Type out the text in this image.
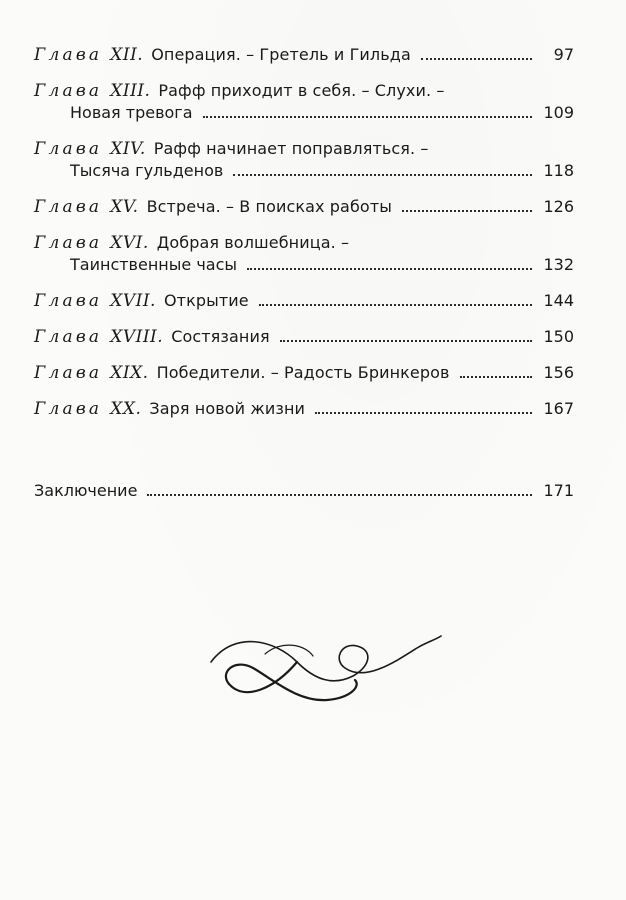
Глава XII. Операция. – Гретель и Гильда	97
Глава XIII. Рафф приходит в себя. – Слухи. –
Новая тревога	109
Глава XIV. Рафф начинает поправляться. –
Тысяча гульденов	118
Глава XV. Встреча. – В поисках работы	126
Глава XVI. Добрая волшебница. –
Таинственные часы	132
Глава XVII. Открытие	144
Глава XVIII. Состязания	150
Глава XIX. Победители. – Радость Бринкеров	156
Глава XX. Заря новой жизни	167
Заключение	171
